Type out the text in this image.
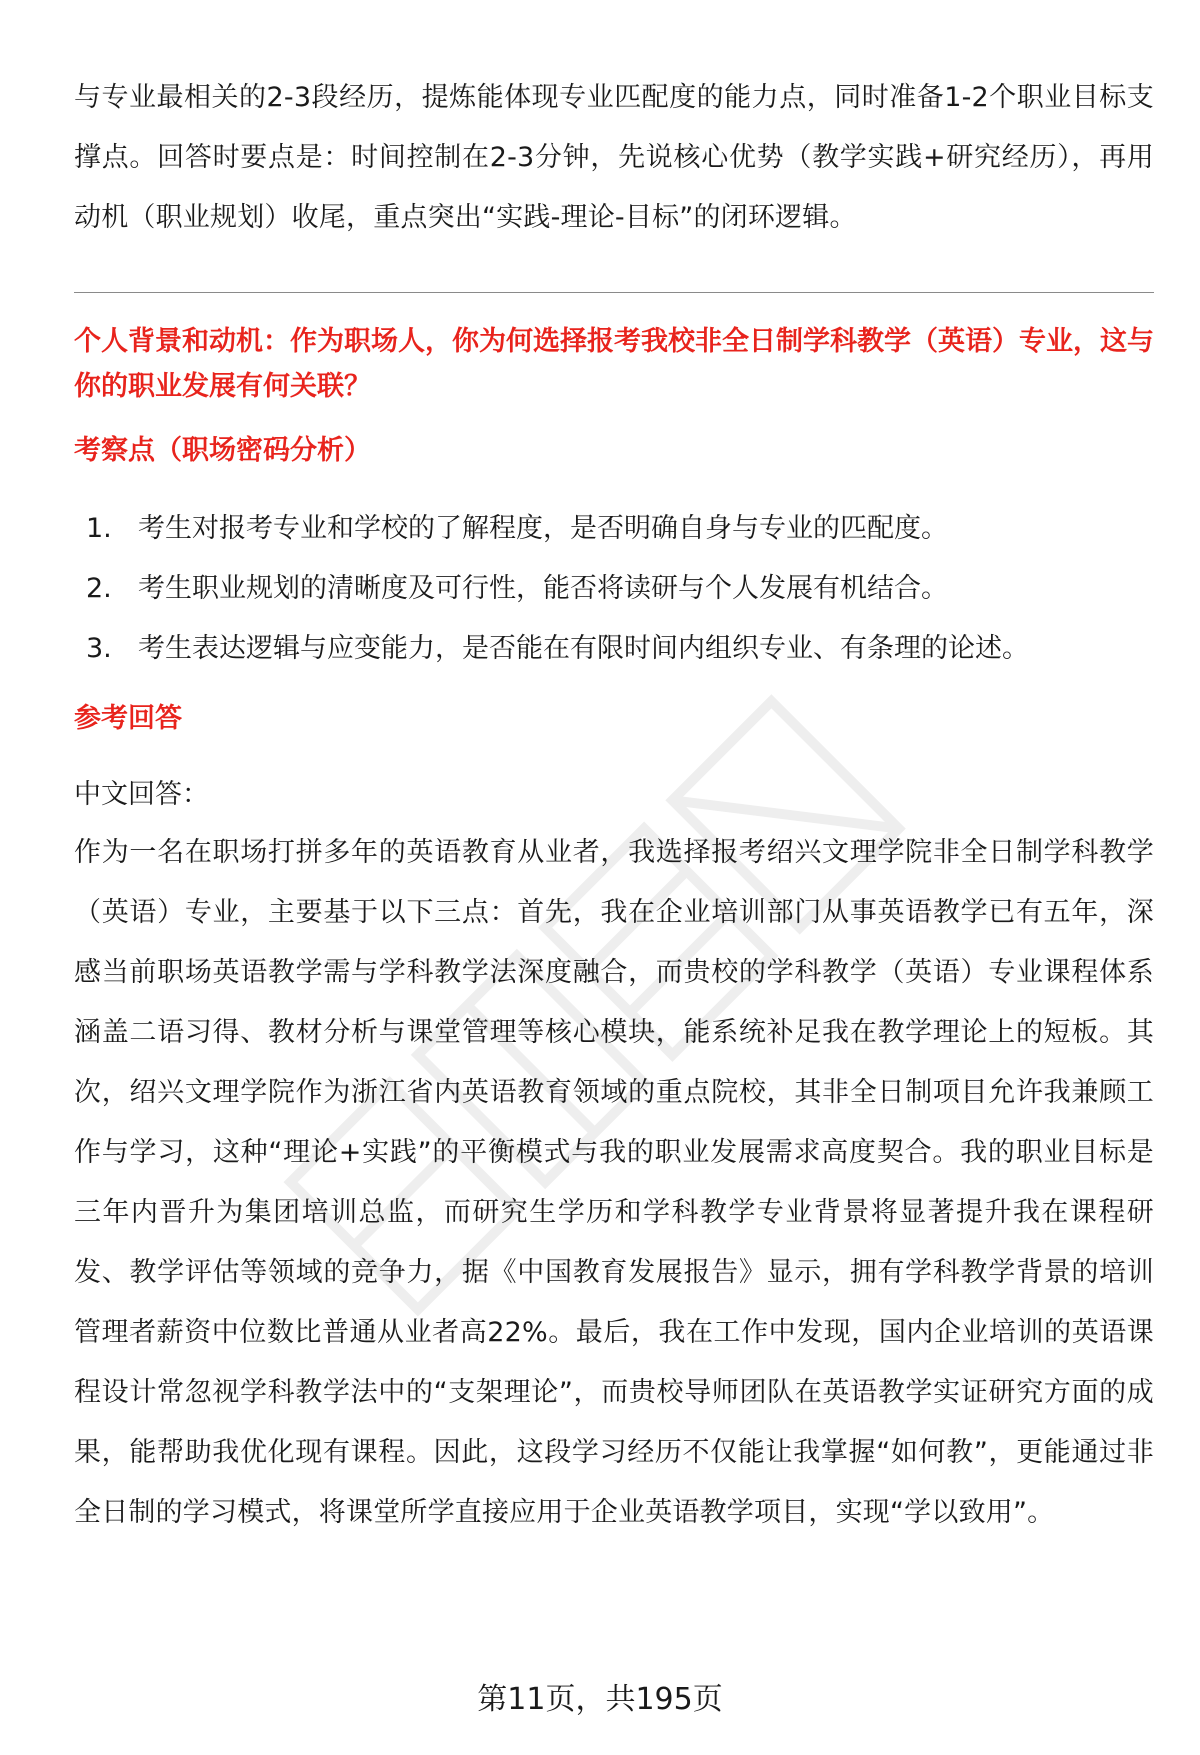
与专业最相关的2-3段经历，提炼能体现专业匹配度的能力点，同时准备1-2个职业目标支撑点。回答时要点是：时间控制在2-3分钟，先说核心优势（教学实践+研究经历），再用动机（职业规划）收尾，重点突出“实践-理论-目标”的闭环逻辑。

个人背景和动机：作为职场人，你为何选择报考我校非全日制学科教学（英语）专业，这与你的职业发展有何关联？

考察点（职场密码分析）

1. 考生对报考专业和学校的了解程度，是否明确自身与专业的匹配度。
2. 考生职业规划的清晰度及可行性，能否将读研与个人发展有机结合。
3. 考生表达逻辑与应变能力，是否能在有限时间内组织专业、有条理的论述。

参考回答

中文回答：

作为一名在职场打拼多年的英语教育从业者，我选择报考绍兴文理学院非全日制学科教学（英语）专业，主要基于以下三点：首先，我在企业培训部门从事英语教学已有五年，深感当前职场英语教学需与学科教学法深度融合，而贵校的学科教学（英语）专业课程体系涵盖二语习得、教材分析与课堂管理等核心模块，能系统补足我在教学理论上的短板。其次，绍兴文理学院作为浙江省内英语教育领域的重点院校，其非全日制项目允许我兼顾工作与学习，这种“理论+实践”的平衡模式与我的职业发展需求高度契合。我的职业目标是三年内晋升为集团培训总监，而研究生学历和学科教学专业背景将显著提升我在课程研发、教学评估等领域的竞争力，据《中国教育发展报告》显示，拥有学科教学背景的培训管理者薪资中位数比普通从业者高22%。最后，我在工作中发现，国内企业培训的英语课程设计常忽视学科教学法中的“支架理论”，而贵校导师团队在英语教学实证研究方面的成果，能帮助我优化现有课程。因此，这段学习经历不仅能让我掌握“如何教”，更能通过非全日制的学习模式，将课堂所学直接应用于企业英语教学项目，实现“学以致用”。

第11页，共195页
